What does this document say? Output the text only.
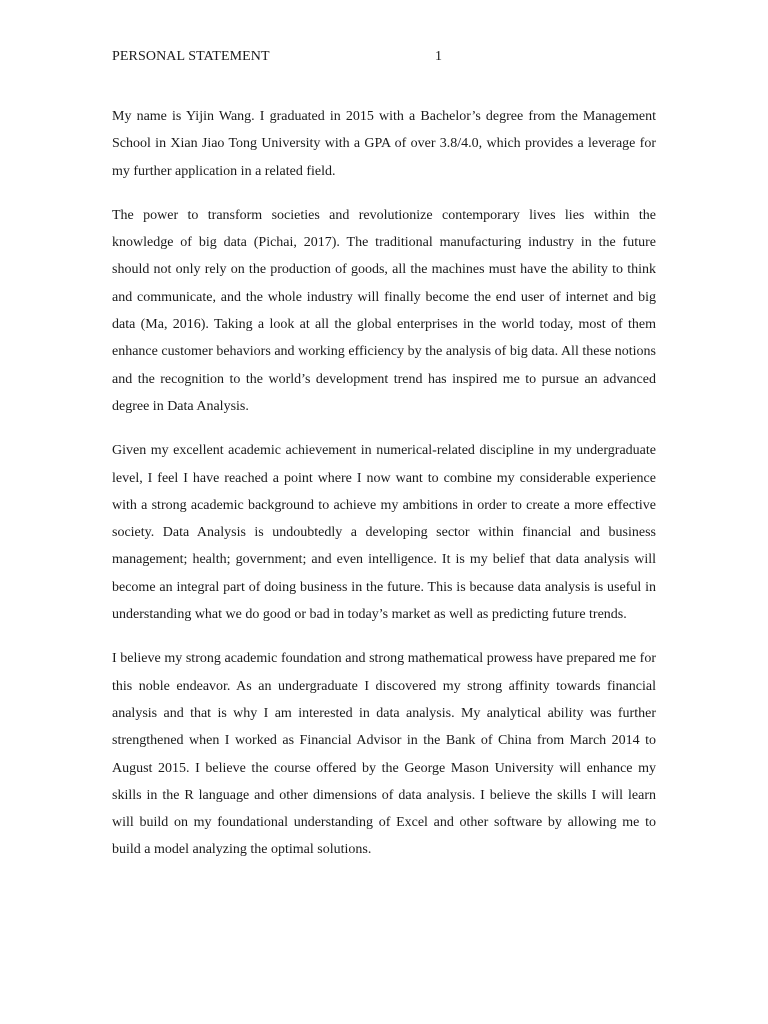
PERSONAL STATEMENT	1

My name is Yijin Wang. I graduated in 2015 with a Bachelor’s degree from the Management School in Xian Jiao Tong University with a GPA of over 3.8/4.0, which provides a leverage for my further application in a related field.

The power to transform societies and revolutionize contemporary lives lies within the knowledge of big data (Pichai, 2017). The traditional manufacturing industry in the future should not only rely on the production of goods, all the machines must have the ability to think and communicate, and the whole industry will finally become the end user of internet and big data (Ma, 2016). Taking a look at all the global enterprises in the world today, most of them enhance customer behaviors and working efficiency by the analysis of big data. All these notions and the recognition to the world’s development trend has inspired me to pursue an advanced degree in Data Analysis.

Given my excellent academic achievement in numerical-related discipline in my undergraduate level, I feel I have reached a point where I now want to combine my considerable experience with a strong academic background to achieve my ambitions in order to create a more effective society. Data Analysis is undoubtedly a developing sector within financial and business management; health; government; and even intelligence. It is my belief that data analysis will become an integral part of doing business in the future. This is because data analysis is useful in understanding what we do good or bad in today’s market as well as predicting future trends.

I believe my strong academic foundation and strong mathematical prowess have prepared me for this noble endeavor. As an undergraduate I discovered my strong affinity towards financial analysis and that is why I am interested in data analysis. My analytical ability was further strengthened when I worked as Financial Advisor in the Bank of China from March 2014 to August 2015. I believe the course offered by the George Mason University will enhance my skills in the R language and other dimensions of data analysis. I believe the skills I will learn will build on my foundational understanding of Excel and other software by allowing me to build a model analyzing the optimal solutions.
